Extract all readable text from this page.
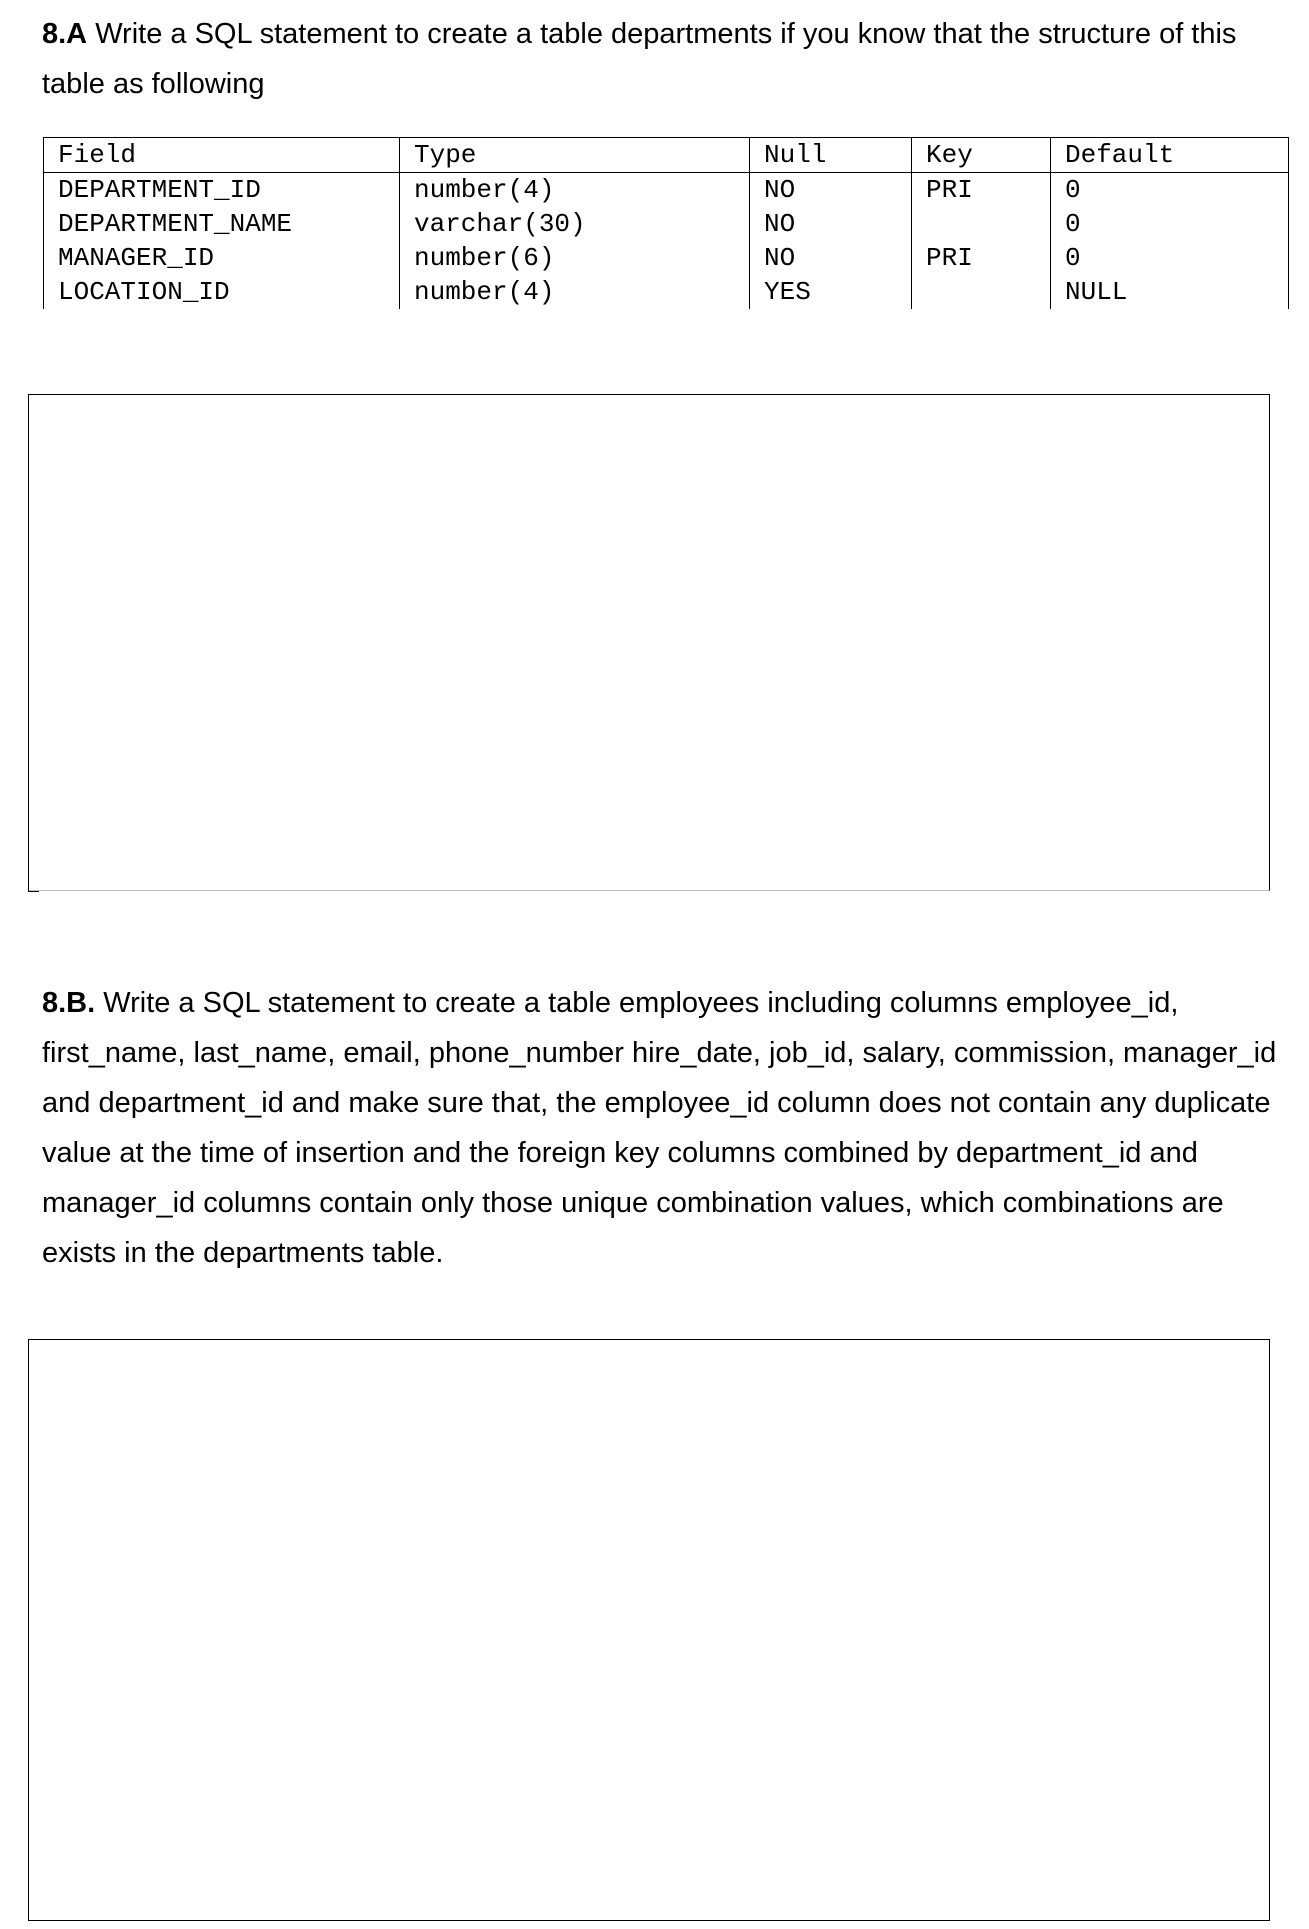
8.A Write a SQL statement to create a table departments if you know that the structure of this table as following

Field	Type	Null	Key	Default
DEPARTMENT_ID	number(4)	NO	PRI	0
DEPARTMENT_NAME	varchar(30)	NO		0
MANAGER_ID	number(6)	NO	PRI	0
LOCATION_ID	number(4)	YES		NULL

8.B. Write a SQL statement to create a table employees including columns employee_id, first_name, last_name, email, phone_number hire_date, job_id, salary, commission, manager_id and department_id and make sure that, the employee_id column does not contain any duplicate value at the time of insertion and the foreign key columns combined by department_id and manager_id columns contain only those unique combination values, which combinations are exists in the departments table.
